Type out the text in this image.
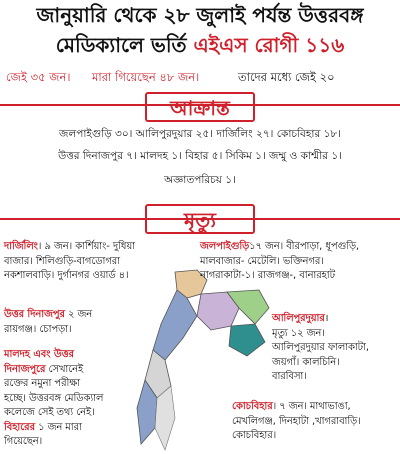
জানুয়ারি থেকে ২৮ জুলাই পর্যন্ত উত্তরবঙ্গ
মেডিক্যালে ভর্তি এইএস রোগী ১১৬
জেই ৩৫ জন। মারা গিয়েছেন ৪৮ জন।	তাদের মধ্যে জেই ২০
আক্রান্ত
জলপাইগুড়ি ৩০। আলিপুরদুয়ার ২৫। দার্জিলিং ২৭। কোচবিহার ১৮।
উত্তর দিনাজপুর ৭। মালদহ ১। বিহার ৫। সিকিম ১। জম্মু ও কাশ্মীর ১।
অজ্ঞাতপরিচয় ১।
মৃত্যু
দার্জিলিং। ৯ জন। কার্শিয়াং- দুধিয়া
বাজার। শিলিগুড়ি-বাগডোগরা
নকশালবাড়ি। দুর্গানগর ওয়ার্ড ৪।
জলপাইগুড়ি১৭ জন। বীরপাড়া, ধূপগুড়ি,
মালবাজার- মেটেলি। ভক্তিনগর।
নাগরাকাটা-১। রাজগঞ্জ-, বানারহাট
উত্তর দিনাজপুর ২ জন
রায়গঞ্জ। চোপড়া।
আলিপুরদুয়ার।
মৃত্যু ১২ জন।
আলিপুরদুয়ার ফালাকাটা,
জয়গাঁ। কালচিনি।
বারবিসা।
মালদহ এবং উত্তর
দিনাজপুরে সেখানেই
রক্তের নমুনা পরীক্ষা
হচ্ছে। উত্তরবঙ্গ মেডিক্যাল
কলেজে সেই তথ্য নেই।
বিহারের ১ জন মারা
গিয়েছেন।
কোচবিহার। ৭ জন। মাথাভাঙা,
মেখলিগঞ্জ, দিনহাটা ,খাগরাবাড়ি।
কোচবিহার।
